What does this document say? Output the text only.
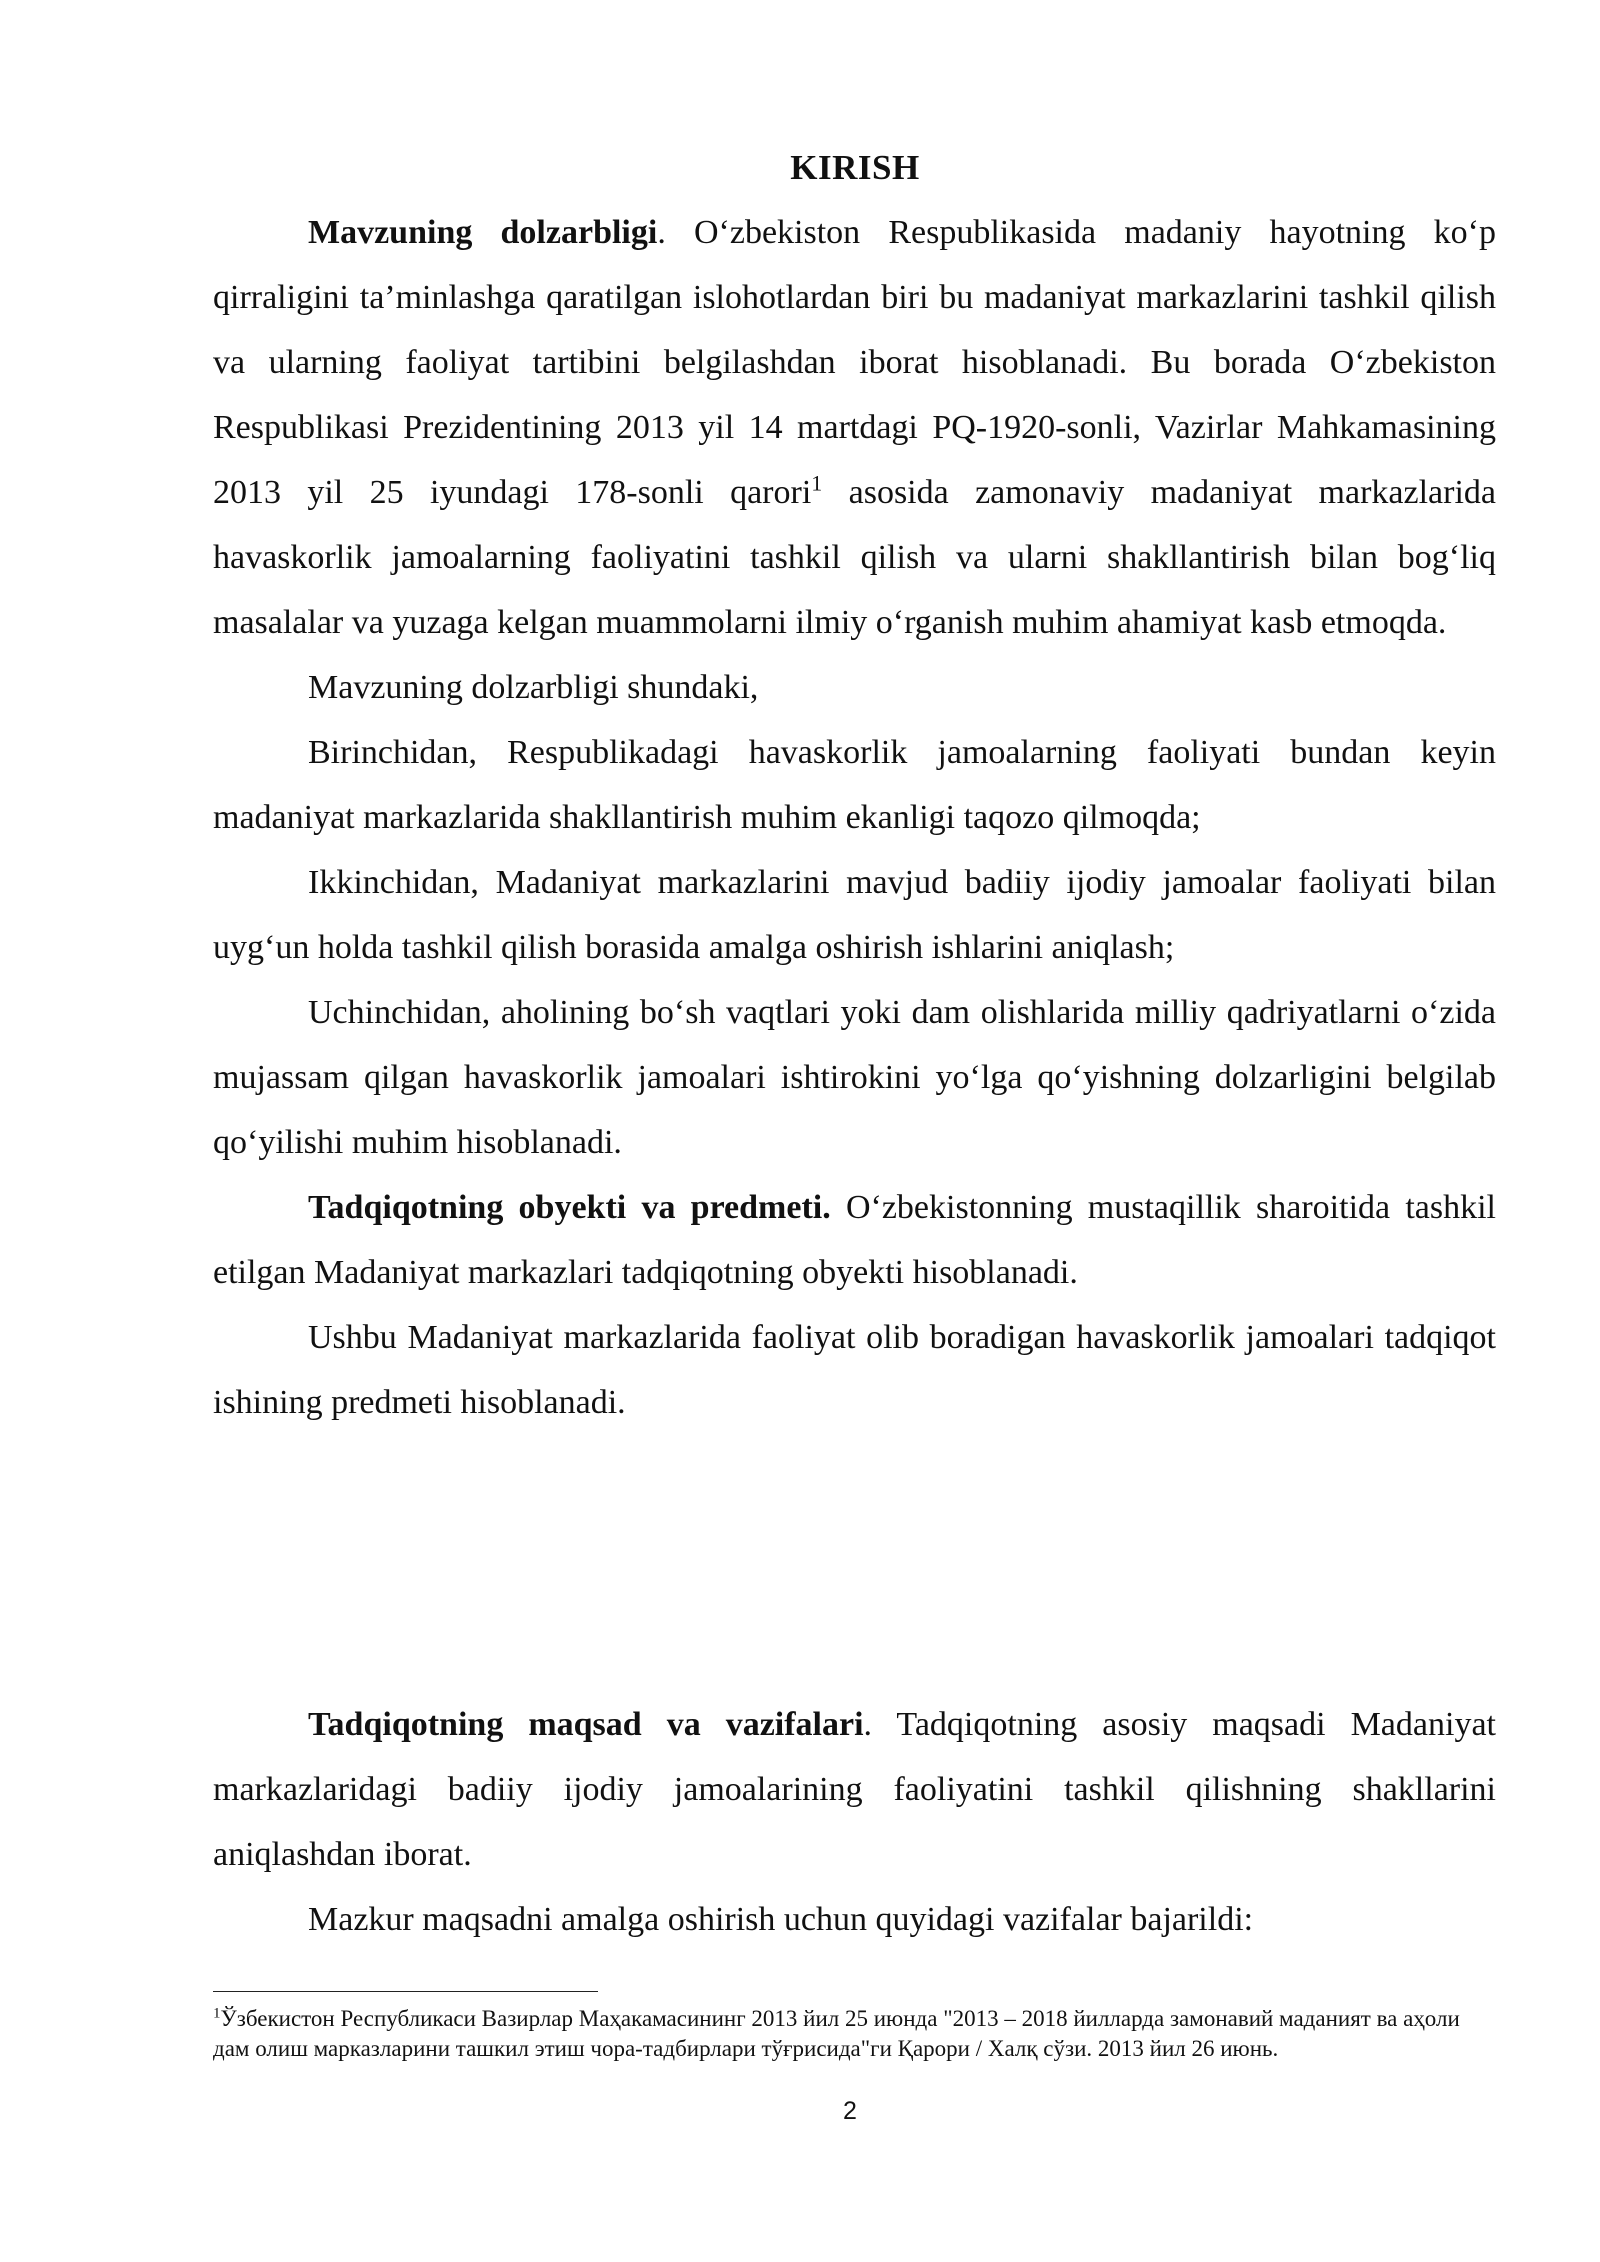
KIRISH

Mavzuning dolzarbligi. O‘zbekiston Respublikasida madaniy hayotning ko‘p qirraligini ta’minlashga qaratilgan islohotlardan biri bu madaniyat markazlarini tashkil qilish va ularning faoliyat tartibini belgilashdan iborat hisoblanadi. Bu borada O‘zbekiston Respublikasi Prezidentining 2013 yil 14 martdagi PQ-1920-sonli, Vazirlar Mahkamasining 2013 yil 25 iyundagi 178-sonli qarori$^1$ asosida zamonaviy madaniyat markazlarida havaskorlik jamoalarning faoliyatini tashkil qilish va ularni shakllantirish bilan bog‘liq masalalar va yuzaga kelgan muammolarni ilmiy o‘rganish muhim ahamiyat kasb etmoqda.

Mavzuning dolzarbligi shundaki,

Birinchidan, Respublikadagi havaskorlik jamoalarning faoliyati bundan keyin madaniyat markazlarida shakllantirish muhim ekanligi taqozo qilmoqda;

Ikkinchidan, Madaniyat markazlarini mavjud badiiy ijodiy jamoalar faoliyati bilan uyg‘un holda tashkil qilish borasida amalga oshirish ishlarini aniqlash;

Uchinchidan, aholining bo‘sh vaqtlari yoki dam olishlarida milliy qadriyatlarni o‘zida mujassam qilgan havaskorlik jamoalari ishtirokini yo‘lga qo‘yishning dolzarligini belgilab qo‘yilishi muhim hisoblanadi.

Tadqiqotning obyekti va predmeti. O‘zbekistonning mustaqillik sharoitida tashkil etilgan Madaniyat markazlari tadqiqotning obyekti hisoblanadi.

Ushbu Madaniyat markazlarida faoliyat olib boradigan havaskorlik jamoalari tadqiqot ishining predmeti hisoblanadi.

Tadqiqotning maqsad va vazifalari. Tadqiqotning asosiy maqsadi Madaniyat markazlaridagi badiiy ijodiy jamoalarining faoliyatini tashkil qilishning shakllarini aniqlashdan iborat.

Mazkur maqsadni amalga oshirish uchun quyidagi vazifalar bajarildi:

$^1$Ўзбекистон Республикаси Вазирлар Маҳакамасининг 2013 йил 25 июнда "2013 – 2018 йилларда замонавий маданият ва аҳоли дам олиш марказларини ташкил этиш чора-тадбирлари тўғрисида"ги Қарори / Халқ сўзи. 2013 йил 26 июнь.
2
